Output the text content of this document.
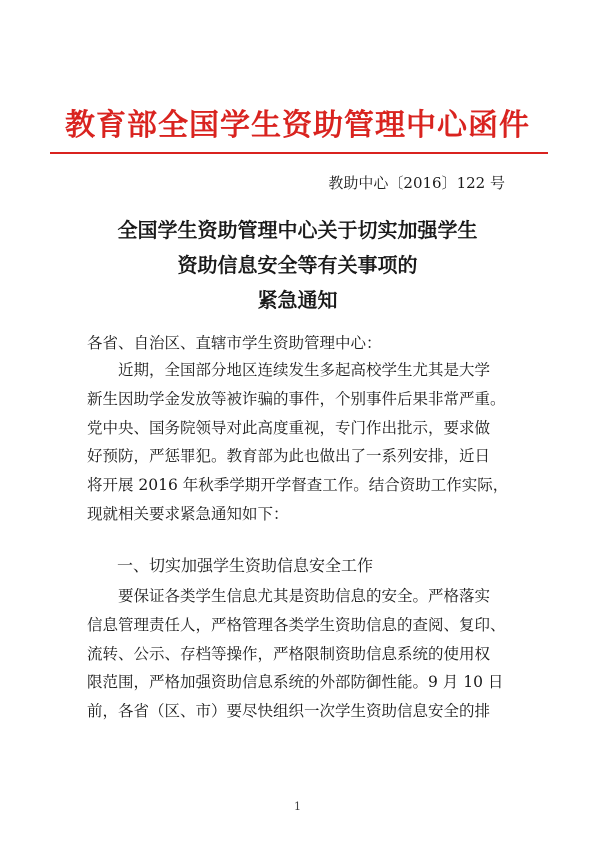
教育部全国学生资助管理中心函件
教助中心〔2016〕122 号
全国学生资助管理中心关于切实加强学生
资助信息安全等有关事项的
紧急通知
各省、自治区、直辖市学生资助管理中心：
近期，全国部分地区连续发生多起高校学生尤其是大学
新生因助学金发放等被诈骗的事件，个别事件后果非常严重。
党中央、国务院领导对此高度重视，专门作出批示，要求做
好预防，严惩罪犯。教育部为此也做出了一系列安排，近日
将开展 2016 年秋季学期开学督查工作。结合资助工作实际，
现就相关要求紧急通知如下：
一、切实加强学生资助信息安全工作
要保证各类学生信息尤其是资助信息的安全。严格落实
信息管理责任人，严格管理各类学生资助信息的查阅、复印、
流转、公示、存档等操作，严格限制资助信息系统的使用权
限范围，严格加强资助信息系统的外部防御性能。9 月 10 日
前，各省（区、市）要尽快组织一次学生资助信息安全的排
1
